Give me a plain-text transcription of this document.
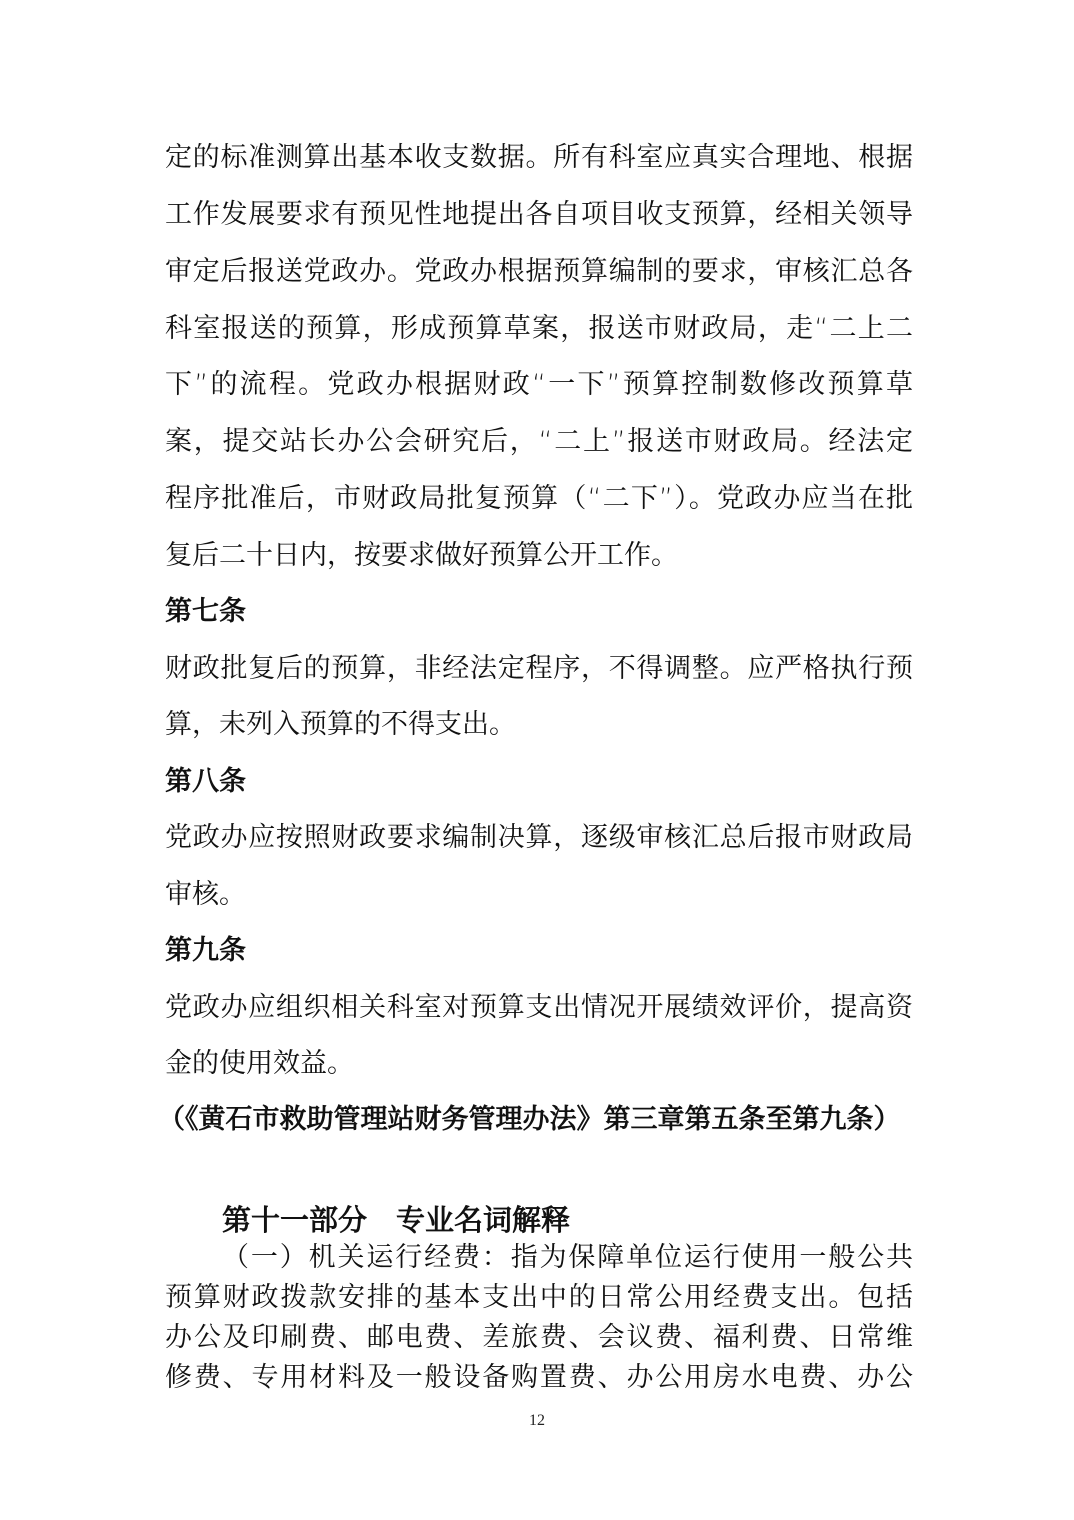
定的标准测算出基本收支数据。所有科室应真实合理地、根据
工作发展要求有预见性地提出各自项目收支预算，经相关领导
审定后报送党政办。党政办根据预算编制的要求，审核汇总各
科室报送的预算，形成预算草案，报送市财政局，走“二上二
下”的流程。党政办根据财政“一下”预算控制数修改预算草
案，提交站长办公会研究后，“二上”报送市财政局。经法定
程序批准后，市财政局批复预算（“二下”）。党政办应当在批
复后二十日内，按要求做好预算公开工作。
第七条
财政批复后的预算，非经法定程序，不得调整。应严格执行预
算，未列入预算的不得支出。
第八条
党政办应按照财政要求编制决算，逐级审核汇总后报市财政局
审核。
第九条
党政办应组织相关科室对预算支出情况开展绩效评价，提高资
金的使用效益。
（《黄石市救助管理站财务管理办法》第三章第五条至第九条）
第十一部分　专业名词解释
（一）机关运行经费：指为保障单位运行使用一般公共
预算财政拨款安排的基本支出中的日常公用经费支出。包括
办公及印刷费、邮电费、差旅费、会议费、福利费、日常维
修费、专用材料及一般设备购置费、办公用房水电费、办公
12
